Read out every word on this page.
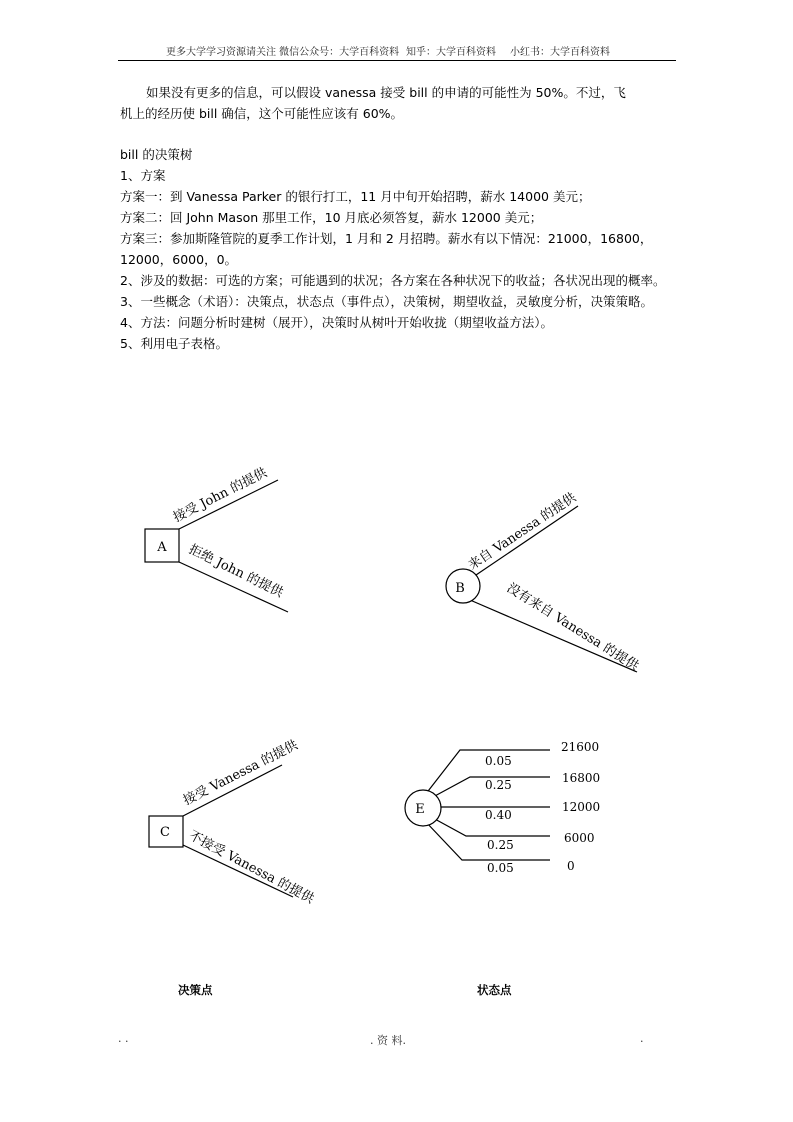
更多大学学习资源请关注 微信公众号：大学百科资料 知乎：大学百科资料 小红书：大学百科资料

如果没有更多的信息，可以假设 vanessa 接受 bill 的申请的可能性为 50%。不过，飞

机上的经历使 bill 确信，这个可能性应该有 60%。

bill 的决策树

1、方案

方案一：到 Vanessa Parker 的银行打工，11 月中旬开始招聘，薪水 14000 美元；

方案二：回 John Mason 那里工作，10 月底必须答复，薪水 12000 美元；

方案三：参加斯隆管院的夏季工作计划，1 月和 2 月招聘。薪水有以下情况：21000，16800，

12000，6000，0。

2、涉及的数据：可选的方案；可能遇到的状况；各方案在各种状况下的收益；各状况出现的概率。

3、一些概念（术语）：决策点，状态点（事件点），决策树，期望收益，灵敏度分析，决策策略。

4、方法：问题分析时建树（展开），决策时从树叶开始收拢（期望收益方法）。

5、利用电子表格。

A
接受 John 的提供
拒绝 John 的提供	B
来自 Vanessa 的提供
没有来自 Vanessa 的提供
C
接受 Vanessa 的提供
不接受 Vanessa 的提供
E
0.05
0.25
0.40
0.25
0.05
21600
16800
12000
6000
0
决策点	状态点
. .	. 资 料.	.
